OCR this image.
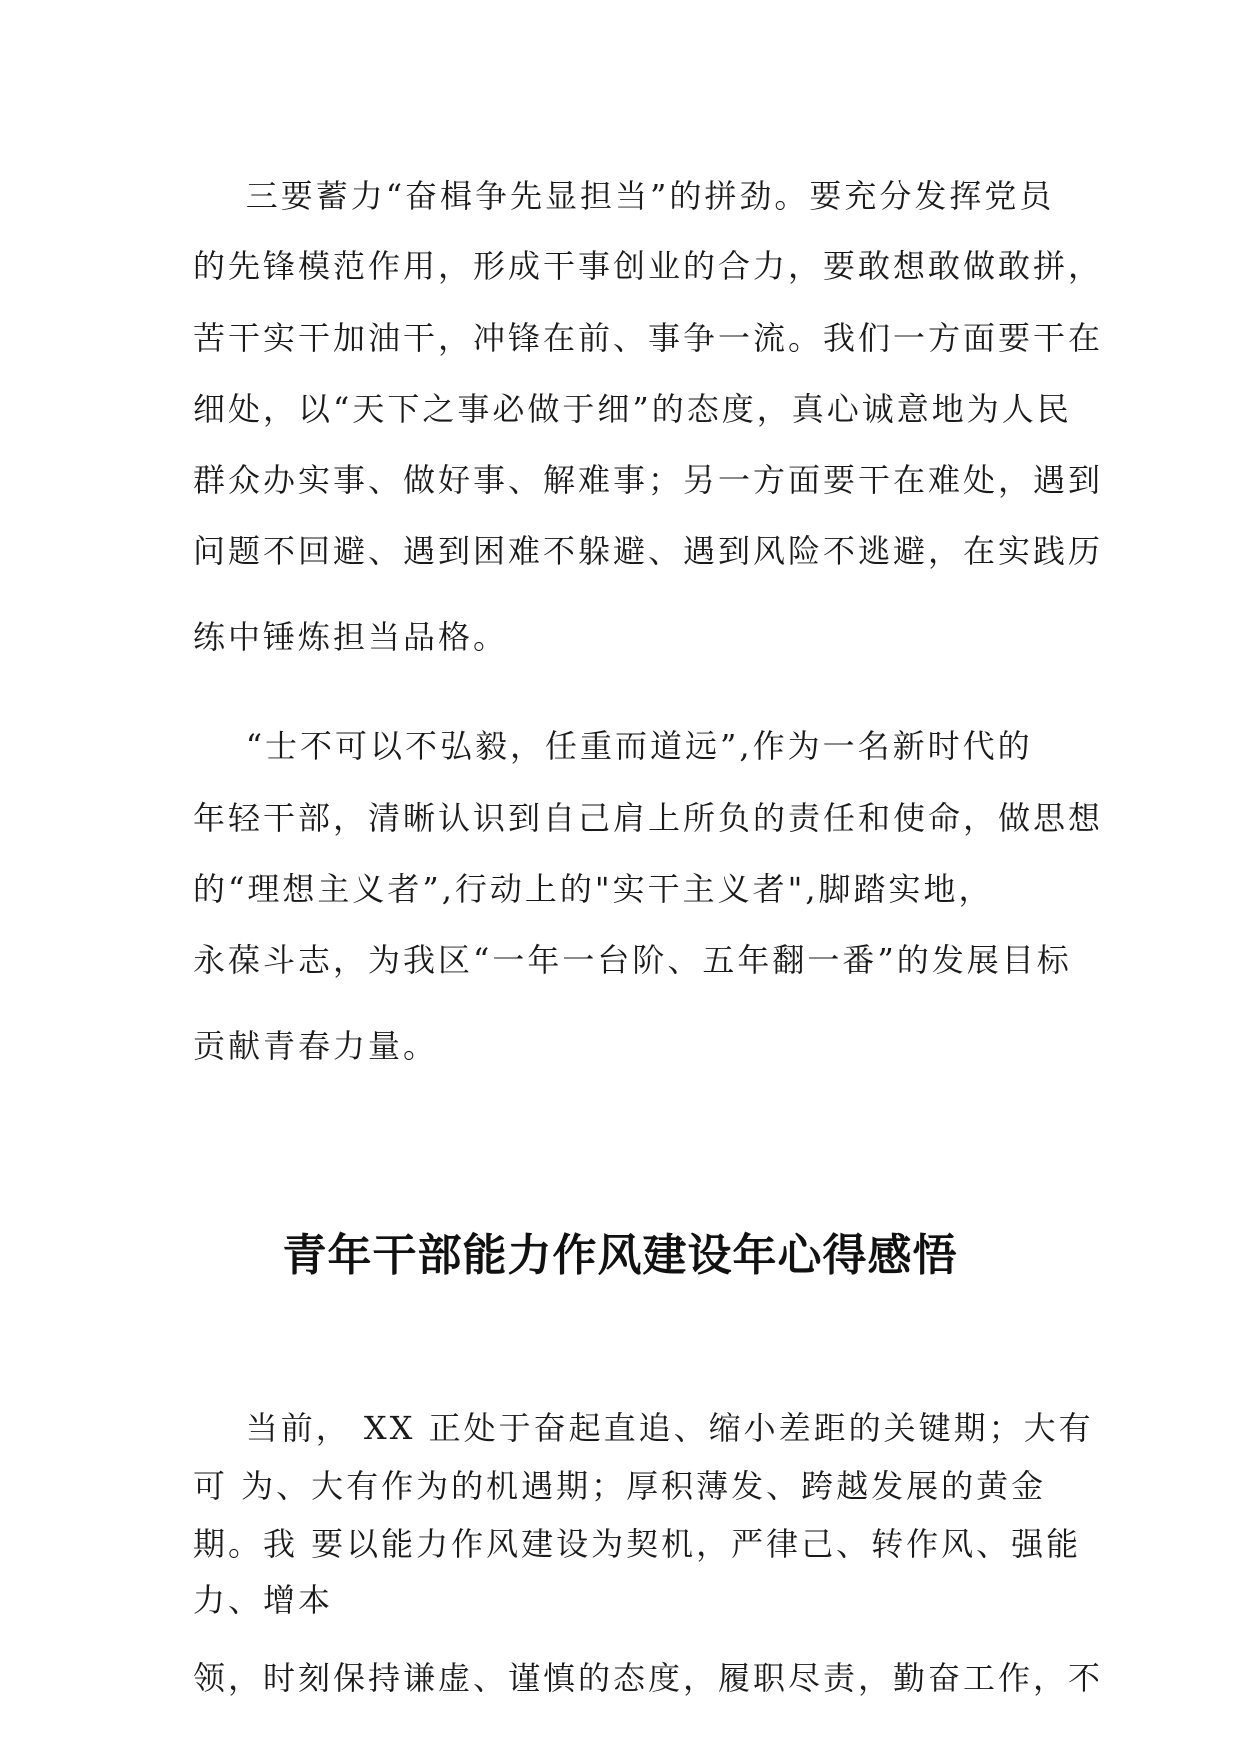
三要蓄力“奋楫争先显担当”的拼劲。要充分发挥党员
的先锋模范作用，形成干事创业的合力，要敢想敢做敢拼，
苦干实干加油干，冲锋在前、事争一流。我们一方面要干在
细处，以“天下之事必做于细”的态度，真心诚意地为人民
群众办实事、做好事、解难事；另一方面要干在难处，遇到
问题不回避、遇到困难不躲避、遇到风险不逃避，在实践历
练中锤炼担当品格。
“士不可以不弘毅，任重而道远”,作为一名新时代的
年轻干部，清晰认识到自己肩上所负的责任和使命，做思想
的“理想主义者”,行动上的"实干主义者",脚踏实地，
永葆斗志，为我区“一年一台阶、五年翻一番”的发展目标
贡献青春力量。
青年干部能力作风建设年心得感悟
当前， XX 正处于奋起直追、缩小差距的关键期；大有
可 为、大有作为的机遇期；厚积薄发、跨越发展的黄金
期。我 要以能力作风建设为契机，严律己、转作风、强能
力、增本
领，时刻保持谦虚、谨慎的态度，履职尽责，勤奋工作，不
